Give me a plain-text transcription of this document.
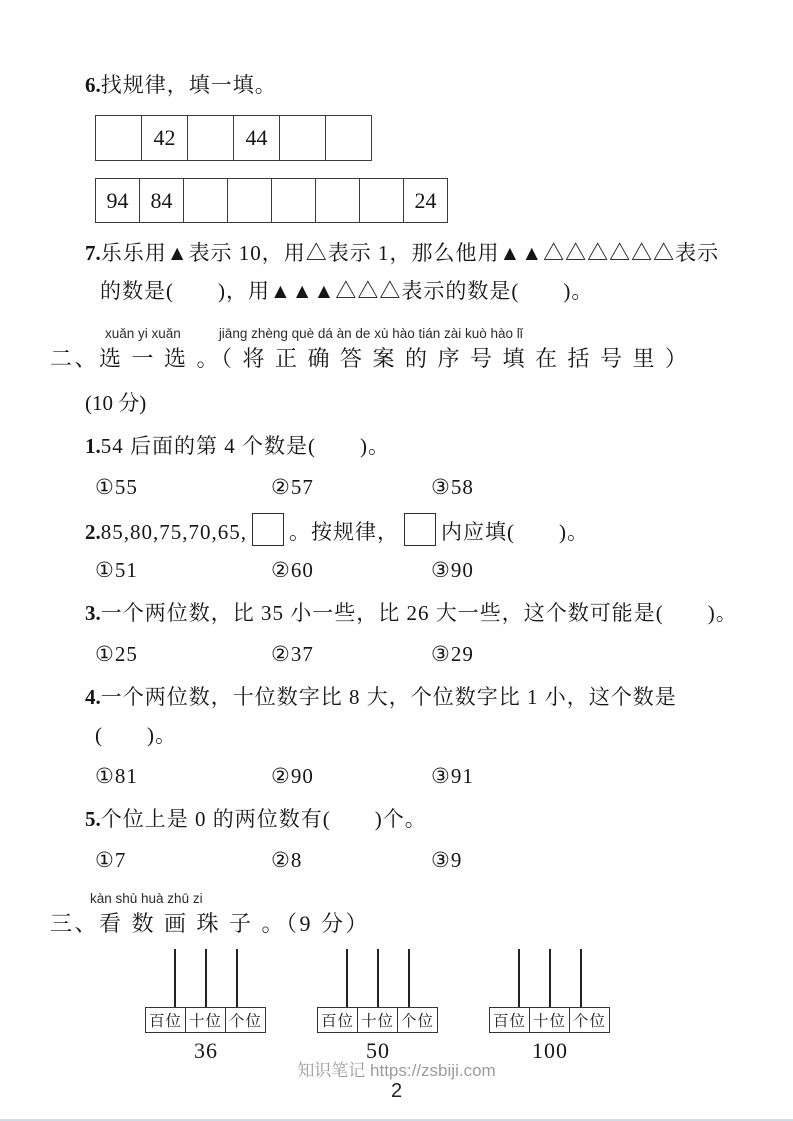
6.找规律，填一填。
	42		44		
94	84						24
7.乐乐用▲表示 10，用△表示 1，那么他用▲▲△△△△△△表示
的数是(　　)，用▲▲▲△△△表示的数是(　　)。
xuǎn yi xuǎn	jiāng zhèng què dá àn de xù hào tián zài kuò hào lǐ
二、选 一 选 。（ 将 正 确 答 案 的 序 号 填 在 括 号 里 ）
(10 分)
1.54 后面的第 4 个数是(　　)。
①55	②57	③58
2. 85,80,75,70,65, 。按规律， 内应填(　　)。
①51	②60	③90
3.一个两位数，比 35 小一些，比 26 大一些，这个数可能是(　　)。
①25	②37	③29
4.一个两位数，十位数字比 8 大，个位数字比 1 小，这个数是
(　　)。
①81	②90	③91
5.个位上是 0 的两位数有(　　)个。
①7	②8	③9
kàn shù huà zhū zi
三、看 数 画 珠 子 。（9 分）
百位	十位	个位
36
百位	十位	个位
50
百位	十位	个位
100
知识笔记 https://zsbiji.com
2
